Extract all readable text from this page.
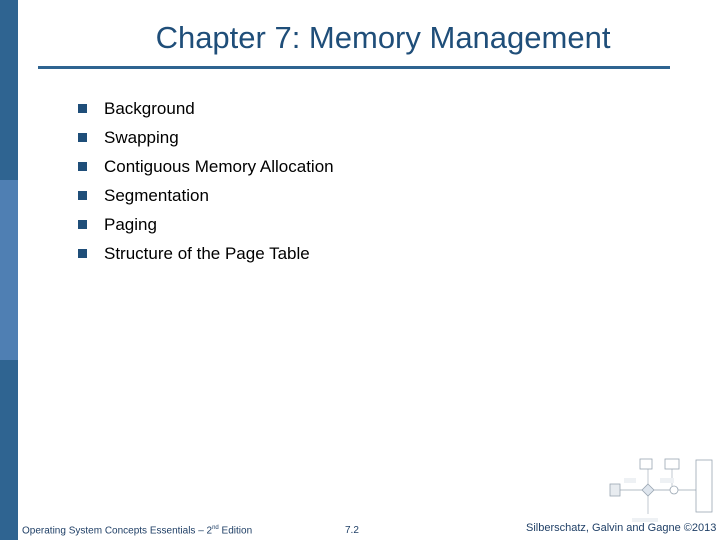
Chapter 7: Memory Management
Background
Swapping
Contiguous Memory Allocation
Segmentation
Paging
Structure of the Page Table
Operating System Concepts Essentials – 2nd Edition	7.2	Silberschatz, Galvin and Gagne ©2013
